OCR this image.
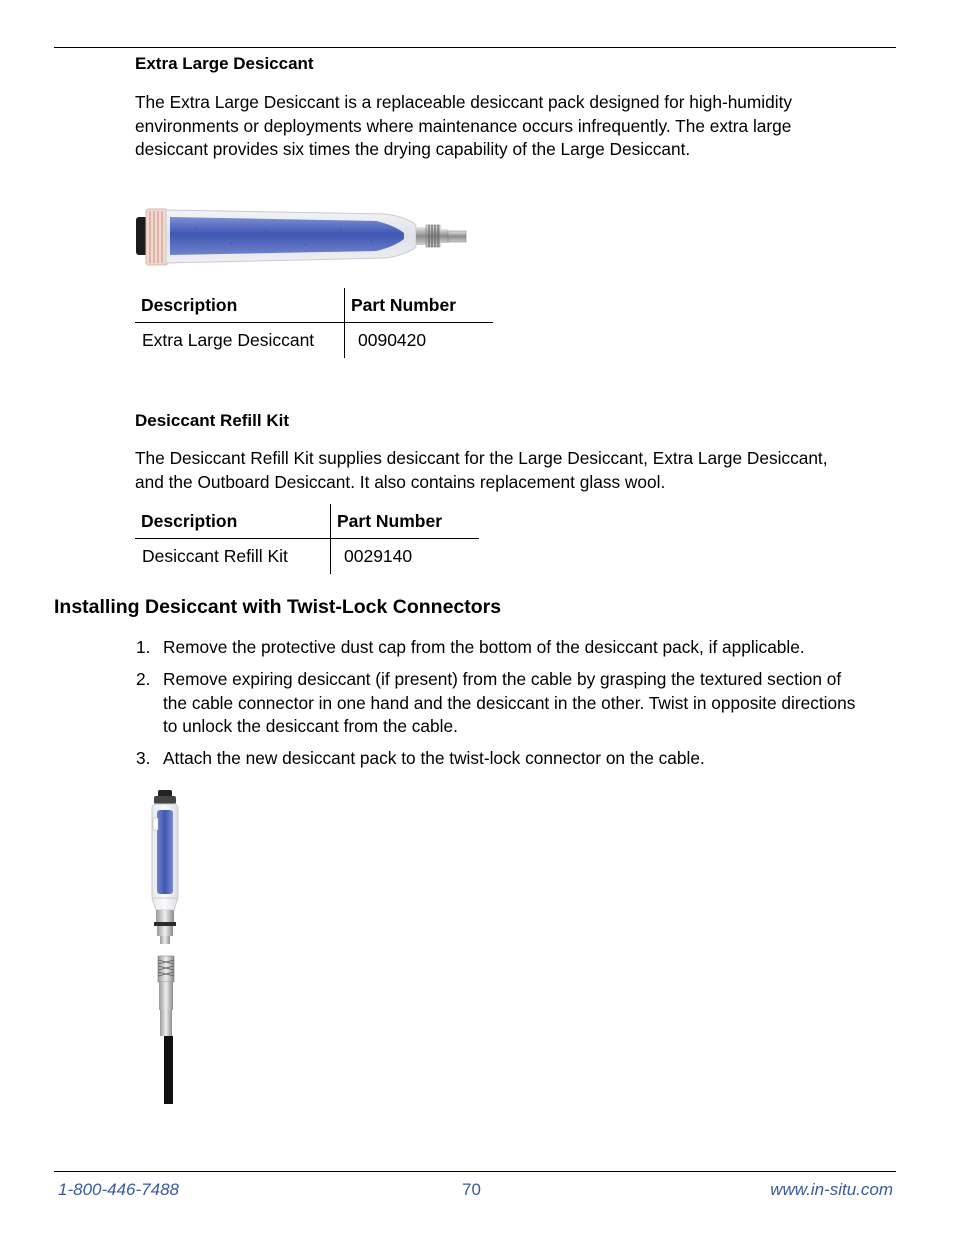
Extra Large Desiccant
The Extra Large Desiccant is a replaceable desiccant pack designed for high-humidity environments or deployments where maintenance occurs infrequently. The extra large desiccant provides six times the drying capability of the Large Desiccant.
Description	Part Number
Extra Large Desiccant	0090420
Desiccant Refill Kit
The Desiccant Refill Kit supplies desiccant for the Large Desiccant, Extra Large Desiccant, and the Outboard Desiccant. It also contains replacement glass wool.
Description	Part Number
Desiccant Refill Kit	0029140
Installing Desiccant with Twist-Lock Connectors
1. Remove the protective dust cap from the bottom of the desiccant pack, if applicable.
2. Remove expiring desiccant (if present) from the cable by grasping the textured section of the cable connector in one hand and the desiccant in the other. Twist in opposite directions to unlock the desiccant from the cable.
3. Attach the new desiccant pack to the twist-lock connector on the cable.
1-800-446-7488	70	www.in-situ.com
